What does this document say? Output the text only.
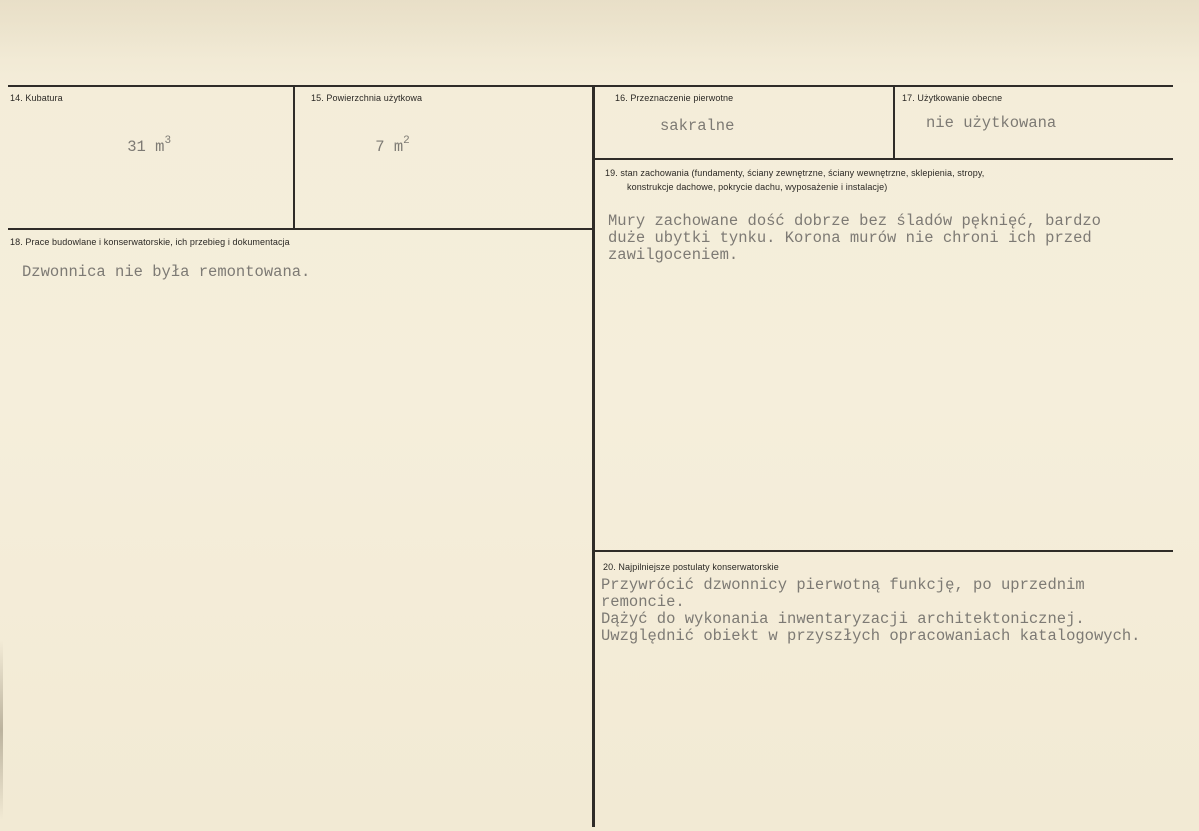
14. Kubatura

31 $m^3$

15. Powierzchnia użytkowa

7 $m^2$

16. Przeznaczenie pierwotne
sakralne
17. Użytkowanie obecne
nie użytkowana
18. Prace budowlane i konserwatorskie, ich przebieg i dokumentacja
Dzwonnica nie była remontowana.
19. stan zachowania (fundamenty, ściany zewnętrzne, ściany wewnętrzne, sklepienia, stropy,
konstrukcje dachowe, pokrycie dachu, wyposażenie i instalacje)
Mury zachowane dość dobrze bez śladów pęknięć, bardzo
duże ubytki tynku. Korona murów nie chroni ich przed
zawilgoceniem.
20. Najpilniejsze postulaty konserwatorskie
Przywrócić dzwonnicy pierwotną funkcję, po uprzednim
remoncie.
Dążyć do wykonania inwentaryzacji architektonicznej.
Uwzględnić obiekt w przyszłych opracowaniach katalogowych.
